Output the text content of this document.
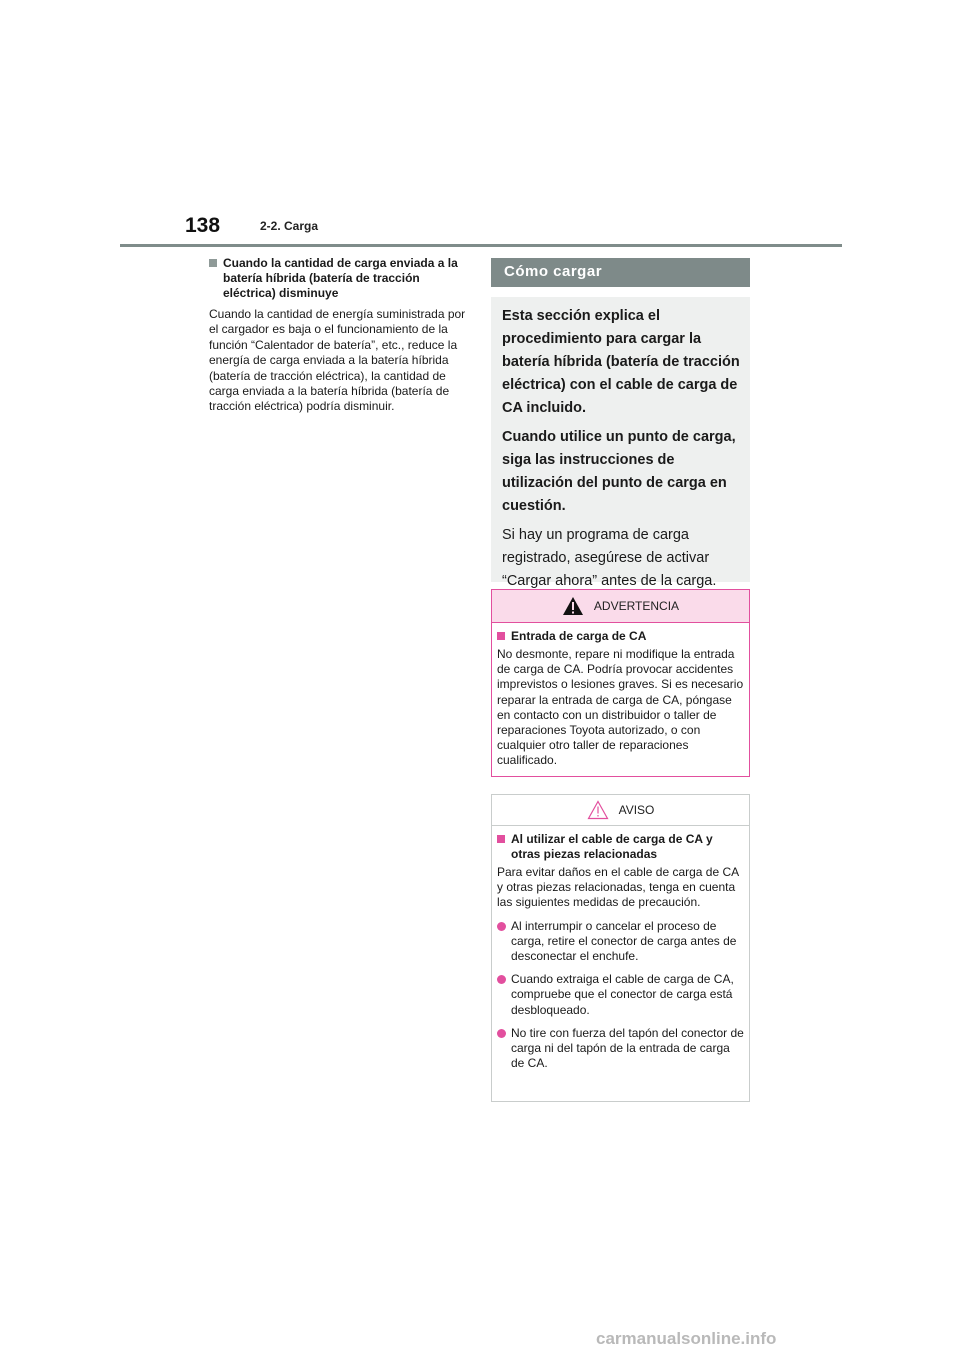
138	2-2. Carga
Cuando la cantidad de carga enviada a la batería híbrida (batería de tracción eléctrica) disminuye
Cuando la cantidad de energía suministrada por el cargador es baja o el funcionamiento de la función “Calentador de batería”, etc., reduce la energía de carga enviada a la batería híbrida (batería de tracción eléctrica), la cantidad de carga enviada a la batería híbrida (batería de tracción eléctrica) podría disminuir.
Cómo cargar
Esta sección explica el procedimiento para cargar la batería híbrida (batería de tracción eléctrica) con el cable de carga de CA incluido.
Cuando utilice un punto de carga, siga las instrucciones de utilización del punto de carga en cuestión.
Si hay un programa de carga registrado, asegúrese de activar “Cargar ahora” antes de la carga.
ADVERTENCIA
Entrada de carga de CA
No desmonte, repare ni modifique la entrada de carga de CA. Podría provocar accidentes imprevistos o lesiones graves. Si es necesario reparar la entrada de carga de CA, póngase en contacto con un distribuidor o taller de reparaciones Toyota autorizado, o con cualquier otro taller de reparaciones cualificado.
AVISO
Al utilizar el cable de carga de CA y otras piezas relacionadas
Para evitar daños en el cable de carga de CA y otras piezas relacionadas, tenga en cuenta las siguientes medidas de precaución.
Al interrumpir o cancelar el proceso de carga, retire el conector de carga antes de desconectar el enchufe.
Cuando extraiga el cable de carga de CA, compruebe que el conector de carga está desbloqueado.
No tire con fuerza del tapón del conector de carga ni del tapón de la entrada de carga de CA.
carmanualsonline.info
